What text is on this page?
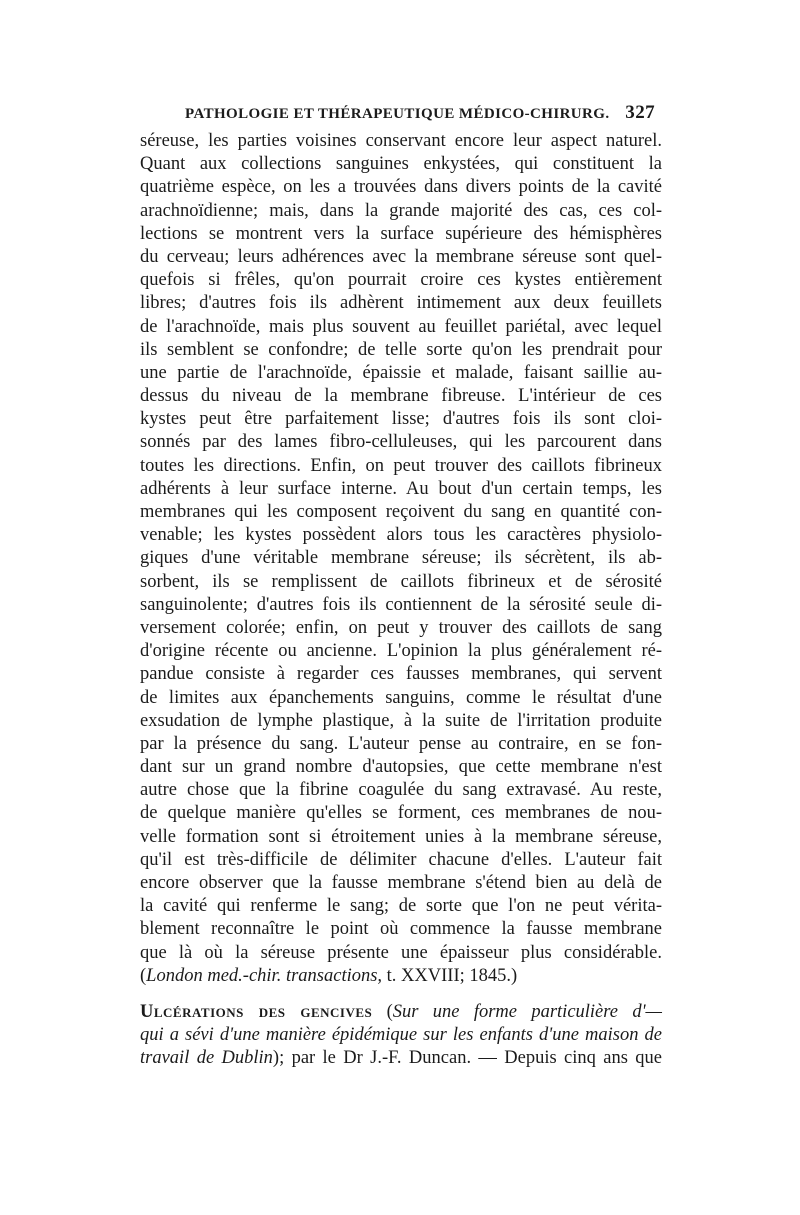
PATHOLOGIE ET THÉRAPEUTIQUE MÉDICO-CHIRURG. 327
séreuse, les parties voisines conservant encore leur aspect naturel.
Quant aux collections sanguines enkystées, qui constituent la
quatrième espèce, on les a trouvées dans divers points de la cavité
arachnoïdienne; mais, dans la grande majorité des cas, ces col-
lections se montrent vers la surface supérieure des hémisphères
du cerveau; leurs adhérences avec la membrane séreuse sont quel-
quefois si frêles, qu'on pourrait croire ces kystes entièrement
libres; d'autres fois ils adhèrent intimement aux deux feuillets
de l'arachnoïde, mais plus souvent au feuillet pariétal, avec lequel
ils semblent se confondre; de telle sorte qu'on les prendrait pour
une partie de l'arachnoïde, épaissie et malade, faisant saillie au-
dessus du niveau de la membrane fibreuse. L'intérieur de ces
kystes peut être parfaitement lisse; d'autres fois ils sont cloi-
sonnés par des lames fibro-celluleuses, qui les parcourent dans
toutes les directions. Enfin, on peut trouver des caillots fibrineux
adhérents à leur surface interne. Au bout d'un certain temps, les
membranes qui les composent reçoivent du sang en quantité con-
venable; les kystes possèdent alors tous les caractères physiolo-
giques d'une véritable membrane séreuse; ils sécrètent, ils ab-
sorbent, ils se remplissent de caillots fibrineux et de sérosité
sanguinolente; d'autres fois ils contiennent de la sérosité seule di-
versement colorée; enfin, on peut y trouver des caillots de sang
d'origine récente ou ancienne. L'opinion la plus généralement ré-
pandue consiste à regarder ces fausses membranes, qui servent
de limites aux épanchements sanguins, comme le résultat d'une
exsudation de lymphe plastique, à la suite de l'irritation produite
par la présence du sang. L'auteur pense au contraire, en se fon-
dant sur un grand nombre d'autopsies, que cette membrane n'est
autre chose que la fibrine coagulée du sang extravasé. Au reste,
de quelque manière qu'elles se forment, ces membranes de nou-
velle formation sont si étroitement unies à la membrane séreuse,
qu'il est très-difficile de délimiter chacune d'elles. L'auteur fait
encore observer que la fausse membrane s'étend bien au delà de
la cavité qui renferme le sang; de sorte que l'on ne peut vérita-
blement reconnaître le point où commence la fausse membrane
que là où la séreuse présente une épaisseur plus considérable.
(London med.-chir. transactions, t. XXVIII; 1845.)
Ulcérations des gencives (Sur une forme particulière d'—
qui a sévi d'une manière épidémique sur les enfants d'une maison de
travail de Dublin); par le Dr J.-F. Duncan. — Depuis cinq ans que
